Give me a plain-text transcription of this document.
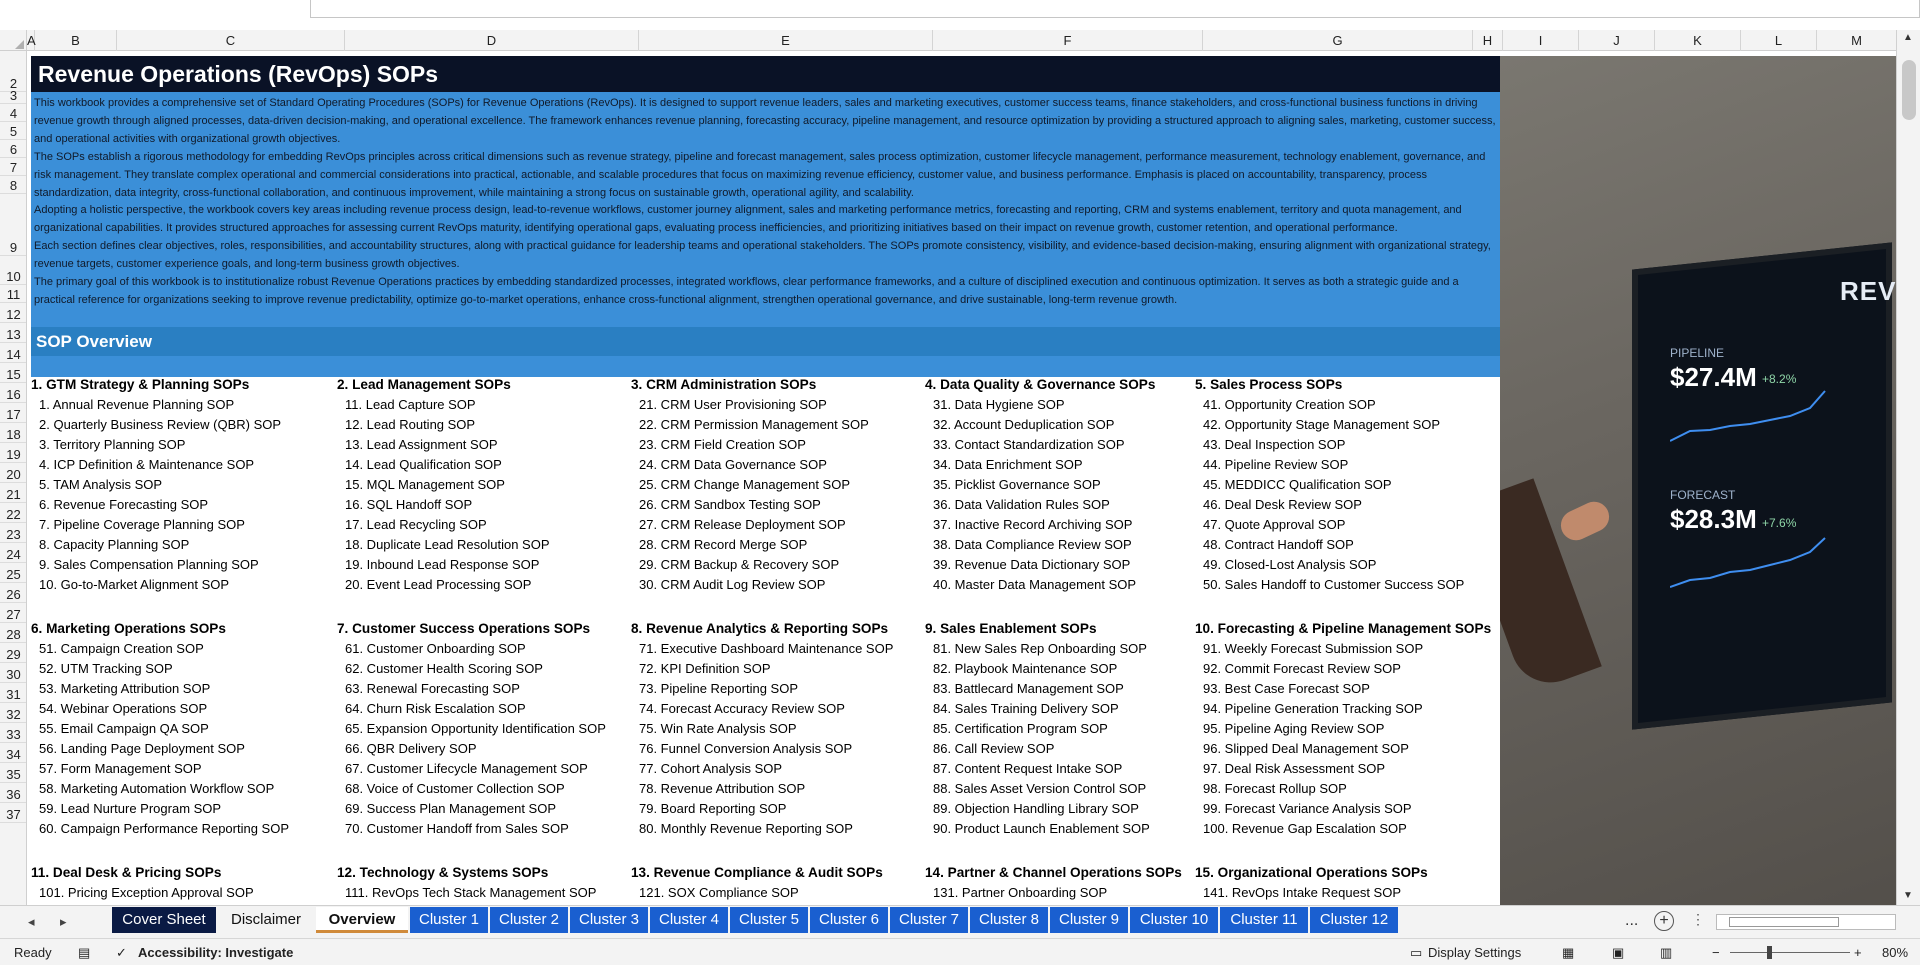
A	B	C	D	E	F	G	H	I	J	K	L	M
2
3
4
5
6
7
8
9
10
11
12
13
14
15
16
17
18
19
20
21
22
23
24
25
26
27
28
29
30
31
32
33
34
35
36
37
Revenue Operations (RevOps) SOPs

This workbook provides a comprehensive set of Standard Operating Procedures (SOPs) for Revenue Operations (RevOps). It is designed to support revenue leaders, sales and marketing executives, customer success teams, finance stakeholders, and cross-functional business functions in driving revenue growth through aligned processes, data-driven decision-making, and operational excellence. The framework enhances revenue planning, forecasting accuracy, pipeline management, and resource optimization by providing a structured approach to aligning sales, marketing, customer success, and operational activities with organizational growth objectives.

The SOPs establish a rigorous methodology for embedding RevOps principles across critical dimensions such as revenue strategy, pipeline and forecast management, sales process optimization, customer lifecycle management, performance measurement, technology enablement, governance, and risk management. They translate complex operational and commercial considerations into practical, actionable, and scalable procedures that focus on maximizing revenue efficiency, customer value, and business performance. Emphasis is placed on accountability, transparency, process standardization, data integrity, cross-functional collaboration, and continuous improvement, while maintaining a strong focus on sustainable growth, operational agility, and scalability.

Adopting a holistic perspective, the workbook covers key areas including revenue process design, lead-to-revenue workflows, customer journey alignment, sales and marketing performance metrics, forecasting and reporting, CRM and systems enablement, territory and quota management, and organizational capabilities. It provides structured approaches for assessing current RevOps maturity, identifying operational gaps, evaluating process inefficiencies, and prioritizing initiatives based on their impact on revenue growth, customer retention, and operational performance.

Each section defines clear objectives, roles, responsibilities, and accountability structures, along with practical guidance for leadership teams and operational stakeholders. The SOPs promote consistency, visibility, and evidence-based decision-making, ensuring alignment with organizational strategy, revenue targets, customer experience goals, and long-term business growth objectives.

The primary goal of this workbook is to institutionalize robust Revenue Operations practices by embedding standardized processes, integrated workflows, clear performance frameworks, and a culture of disciplined execution and continuous optimization. It serves as both a strategic guide and a practical reference for organizations seeking to improve revenue predictability, optimize go-to-market operations, enhance cross-functional alignment, strengthen operational governance, and drive sustainable, long-term revenue growth.

SOP Overview
1. GTM Strategy & Planning SOPs
1. Annual Revenue Planning SOP
2. Quarterly Business Review (QBR) SOP
3. Territory Planning SOP
4. ICP Definition & Maintenance SOP
5. TAM Analysis SOP
6. Revenue Forecasting SOP
7. Pipeline Coverage Planning SOP
8. Capacity Planning SOP
9. Sales Compensation Planning SOP
10. Go-to-Market Alignment SOP
2. Lead Management SOPs
11. Lead Capture SOP
12. Lead Routing SOP
13. Lead Assignment SOP
14. Lead Qualification SOP
15. MQL Management SOP
16. SQL Handoff SOP
17. Lead Recycling SOP
18. Duplicate Lead Resolution SOP
19. Inbound Lead Response SOP
20. Event Lead Processing SOP
3. CRM Administration SOPs
21. CRM User Provisioning SOP
22. CRM Permission Management SOP
23. CRM Field Creation SOP
24. CRM Data Governance SOP
25. CRM Change Management SOP
26. CRM Sandbox Testing SOP
27. CRM Release Deployment SOP
28. CRM Record Merge SOP
29. CRM Backup & Recovery SOP
30. CRM Audit Log Review SOP
4. Data Quality & Governance SOPs
31. Data Hygiene SOP
32. Account Deduplication SOP
33. Contact Standardization SOP
34. Data Enrichment SOP
35. Picklist Governance SOP
36. Data Validation Rules SOP
37. Inactive Record Archiving SOP
38. Data Compliance Review SOP
39. Revenue Data Dictionary SOP
40. Master Data Management SOP
5. Sales Process SOPs
41. Opportunity Creation SOP
42. Opportunity Stage Management SOP
43. Deal Inspection SOP
44. Pipeline Review SOP
45. MEDDICC Qualification SOP
46. Deal Desk Review SOP
47. Quote Approval SOP
48. Contract Handoff SOP
49. Closed-Lost Analysis SOP
50. Sales Handoff to Customer Success SOP
6. Marketing Operations SOPs
51. Campaign Creation SOP
52. UTM Tracking SOP
53. Marketing Attribution SOP
54. Webinar Operations SOP
55. Email Campaign QA SOP
56. Landing Page Deployment SOP
57. Form Management SOP
58. Marketing Automation Workflow SOP
59. Lead Nurture Program SOP
60. Campaign Performance Reporting SOP
7. Customer Success Operations SOPs
61. Customer Onboarding SOP
62. Customer Health Scoring SOP
63. Renewal Forecasting SOP
64. Churn Risk Escalation SOP
65. Expansion Opportunity Identification SOP
66. QBR Delivery SOP
67. Customer Lifecycle Management SOP
68. Voice of Customer Collection SOP
69. Success Plan Management SOP
70. Customer Handoff from Sales SOP
8. Revenue Analytics & Reporting SOPs
71. Executive Dashboard Maintenance SOP
72. KPI Definition SOP
73. Pipeline Reporting SOP
74. Forecast Accuracy Review SOP
75. Win Rate Analysis SOP
76. Funnel Conversion Analysis SOP
77. Cohort Analysis SOP
78. Revenue Attribution SOP
79. Board Reporting SOP
80. Monthly Revenue Reporting SOP
9. Sales Enablement SOPs
81. New Sales Rep Onboarding SOP
82. Playbook Maintenance SOP
83. Battlecard Management SOP
84. Sales Training Delivery SOP
85. Certification Program SOP
86. Call Review SOP
87. Content Request Intake SOP
88. Sales Asset Version Control SOP
89. Objection Handling Library SOP
90. Product Launch Enablement SOP
10. Forecasting & Pipeline Management SOPs
91. Weekly Forecast Submission SOP
92. Commit Forecast Review SOP
93. Best Case Forecast SOP
94. Pipeline Generation Tracking SOP
95. Pipeline Aging Review SOP
96. Slipped Deal Management SOP
97. Deal Risk Assessment SOP
98. Forecast Rollup SOP
99. Forecast Variance Analysis SOP
100. Revenue Gap Escalation SOP
11. Deal Desk & Pricing SOPs
101. Pricing Exception Approval SOP
12. Technology & Systems SOPs
111. RevOps Tech Stack Management SOP
13. Revenue Compliance & Audit SOPs
121. SOX Compliance SOP
14. Partner & Channel Operations SOPs
131. Partner Onboarding SOP
15. Organizational Operations SOPs
141. RevOps Intake Request SOP
REV
PIPELINE
$27.4M +8.2%
FORECAST
$28.3M +7.6%
▲
▼
◂ ▸	Cover Sheet	Disclaimer	Overview	Cluster 1	Cluster 2	Cluster 3	Cluster 4	Cluster 5	Cluster 6	Cluster 7	Cluster 8	Cluster 9	Cluster 10	Cluster 11	Cluster 12	...	+	⋮
Ready ▤ ✓ Accessibility: Investigate	▭ Display Settings	▦	▣	▥	−	+ 80%
